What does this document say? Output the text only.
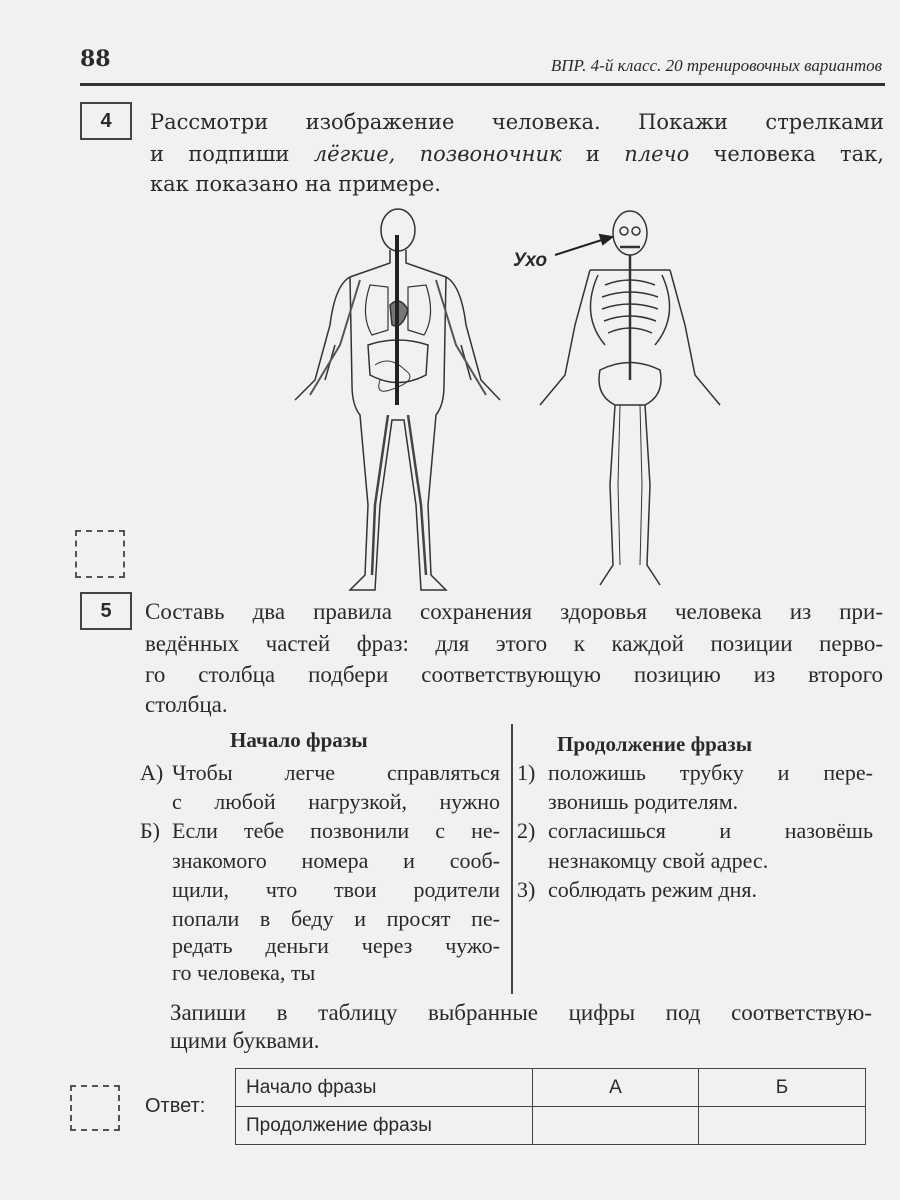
88	ВПР. 4-й класс. 20 тренировочных вариантов
4	Рассмотри изображение человека. Покажи стрелками
и подпиши лёгкие, позвоночник и плечо человека так,
как показано на примере.
Ухо
5	Составь два правила сохранения здоровья человека из при-
ведённых частей фраз: для этого к каждой позиции перво-
го столбца подбери соответствующую позицию из второго
столбца.
Начало фразы	Продолжение фразы
А) Чтобы легче справляться
с любой нагрузкой, нужно
Б) Если тебе позвонили с не-
знакомого номера и сооб-
щили, что твои родители
попали в беду и просят пе-
редать деньги через чужо-
го человека, ты
1) положишь трубку и пере-
звонишь родителям.
2) согласишься и назовёшь
незнакомцу свой адрес.
3) соблюдать режим дня.
Запиши в таблицу выбранные цифры под соответствую-
щими буквами.
Ответ:
Начало фразы	А	Б
Продолжение фразы		
